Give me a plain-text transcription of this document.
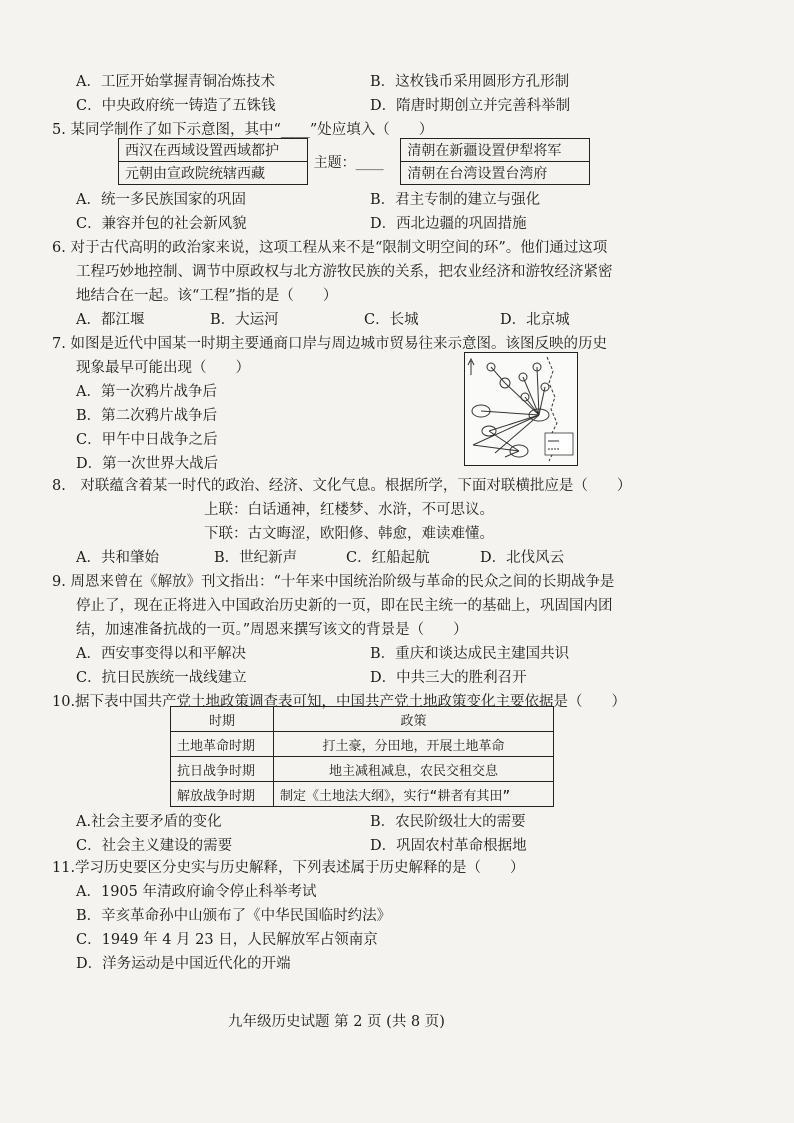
A．工匠开始掌握青铜冶炼技术	B．这枚钱币采用圆形方孔形制
C．中央政府统一铸造了五铢钱	D．隋唐时期创立并完善科举制
5. 某同学制作了如下示意图，其中“____”处应填入（　　）
西汉在西域设置西域都护	主题：____	清朝在新疆设置伊犁将军
元朝由宣政院统辖西藏		清朝在台湾设置台湾府
A．统一多民族国家的巩固	B．君主专制的建立与强化
C．兼容并包的社会新风貌	D．西北边疆的巩固措施
6. 对于古代高明的政治家来说，这项工程从来不是“限制文明空间的环”。他们通过这项
工程巧妙地控制、调节中原政权与北方游牧民族的关系，把农业经济和游牧经济紧密
地结合在一起。该“工程”指的是（　　）
A．都江堰	B．大运河	C．长城	D．北京城
7. 如图是近代中国某一时期主要通商口岸与周边城市贸易往来示意图。该图反映的历史
现象最早可能出现（　　）
A．第一次鸦片战争后
B．第二次鸦片战争后
C．甲午中日战争之后
D．第一次世界大战后
8.　对联蕴含着某一时代的政治、经济、文化气息。根据所学，下面对联横批应是（　　）
上联：白话通神，红楼梦、水浒，不可思议。
下联：古文晦涩，欧阳修、韩愈，难读难懂。
A．共和肇始	B．世纪新声	C．红船起航	D．北伐风云
9. 周恩来曾在《解放》刊文指出：“十年来中国统治阶级与革命的民众之间的长期战争是
停止了，现在正将进入中国政治历史新的一页，即在民主统一的基础上，巩固国内团
结，加速准备抗战的一页。”周恩来撰写该文的背景是（　　）
A．西安事变得以和平解决	B．重庆和谈达成民主建国共识
C．抗日民族统一战线建立	D．中共三大的胜利召开
10.据下表中国共产党土地政策调查表可知，中国共产党土地政策变化主要依据是（　　）
时期	政策
土地革命时期	打土豪，分田地，开展土地革命
抗日战争时期	地主减租减息，农民交租交息
解放战争时期	制定《土地法大纲》，实行“耕者有其田”
A.社会主要矛盾的变化	B．农民阶级壮大的需要
C．社会主义建设的需要	D．巩固农村革命根据地
11.学习历史要区分史实与历史解释，下列表述属于历史解释的是（　　）
A．1905 年清政府谕令停止科举考试
B．辛亥革命孙中山颁布了《中华民国临时约法》
C．1949 年 4 月 23 日，人民解放军占领南京
D．洋务运动是中国近代化的开端
九年级历史试题 第 2 页 (共 8 页)
